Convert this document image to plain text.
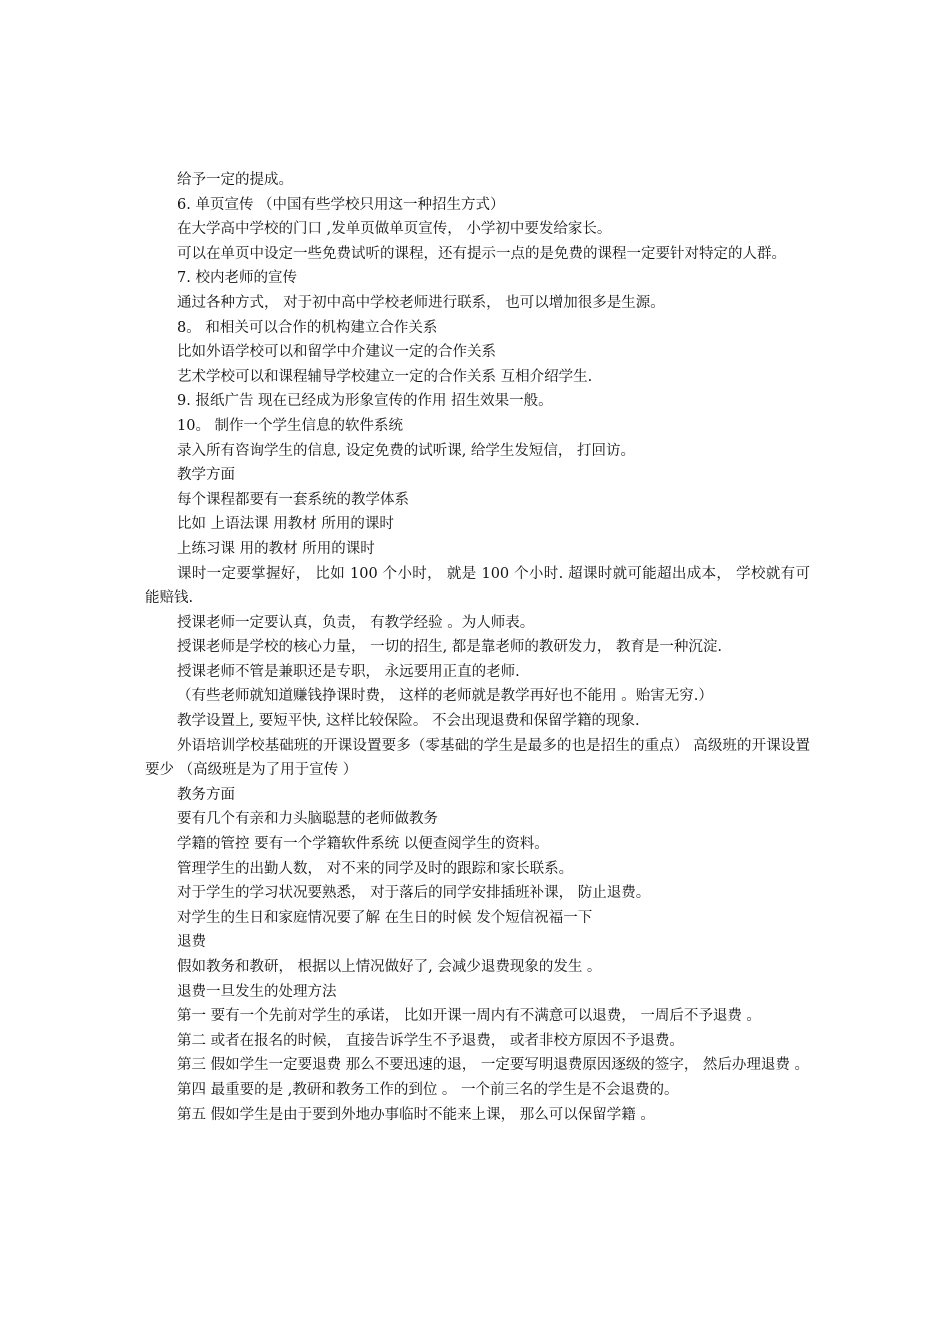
给予一定的提成。

6. 单页宣传 （中国有些学校只用这一种招生方式）

在大学高中学校的门口 ,发单页做单页宣传， 小学初中要发给家长。

可以在单页中设定一些免费试听的课程，还有提示一点的是免费的课程一定要针对特定的人群。

7. 校内老师的宣传

通过各种方式， 对于初中高中学校老师进行联系， 也可以增加很多是生源。

8。 和相关可以合作的机构建立合作关系

比如外语学校可以和留学中介建议一定的合作关系

艺术学校可以和课程辅导学校建立一定的合作关系 互相介绍学生.

9. 报纸广告 现在已经成为形象宣传的作用 招生效果一般。

10。 制作一个学生信息的软件系统

录入所有咨询学生的信息, 设定免费的试听课, 给学生发短信， 打回访。

教学方面

每个课程都要有一套系统的教学体系

比如 上语法课 用教材 所用的课时

上练习课 用的教材 所用的课时

课时一定要掌握好， 比如 100 个小时， 就是 100 个小时. 超课时就可能超出成本， 学校就有可能赔钱.

授课老师一定要认真，负责， 有教学经验 。为人师表。

授课老师是学校的核心力量， 一切的招生, 都是靠老师的教研发力， 教育是一种沉淀.

授课老师不管是兼职还是专职， 永远要用正直的老师.

（有些老师就知道赚钱挣课时费， 这样的老师就是教学再好也不能用 。贻害无穷.）

教学设置上, 要短平快, 这样比较保险。 不会出现退费和保留学籍的现象.

外语培训学校基础班的开课设置要多（零基础的学生是最多的也是招生的重点） 高级班的开课设置要少 （高级班是为了用于宣传 ）

教务方面

要有几个有亲和力头脑聪慧的老师做教务

学籍的管控 要有一个学籍软件系统 以便查阅学生的资料。

管理学生的出勤人数， 对不来的同学及时的跟踪和家长联系。

对于学生的学习状况要熟悉， 对于落后的同学安排插班补课， 防止退费。

对学生的生日和家庭情况要了解 在生日的时候 发个短信祝福一下

退费

假如教务和教研， 根据以上情况做好了, 会减少退费现象的发生 。

退费一旦发生的处理方法

第一 要有一个先前对学生的承诺， 比如开课一周内有不满意可以退费， 一周后不予退费 。

第二 或者在报名的时候， 直接告诉学生不予退费， 或者非校方原因不予退费。

第三 假如学生一定要退费 那么不要迅速的退， 一定要写明退费原因逐级的签字， 然后办理退费 。

第四 最重要的是 ,教研和教务工作的到位 。 一个前三名的学生是不会退费的。

第五 假如学生是由于要到外地办事临时不能来上课， 那么可以保留学籍 。
